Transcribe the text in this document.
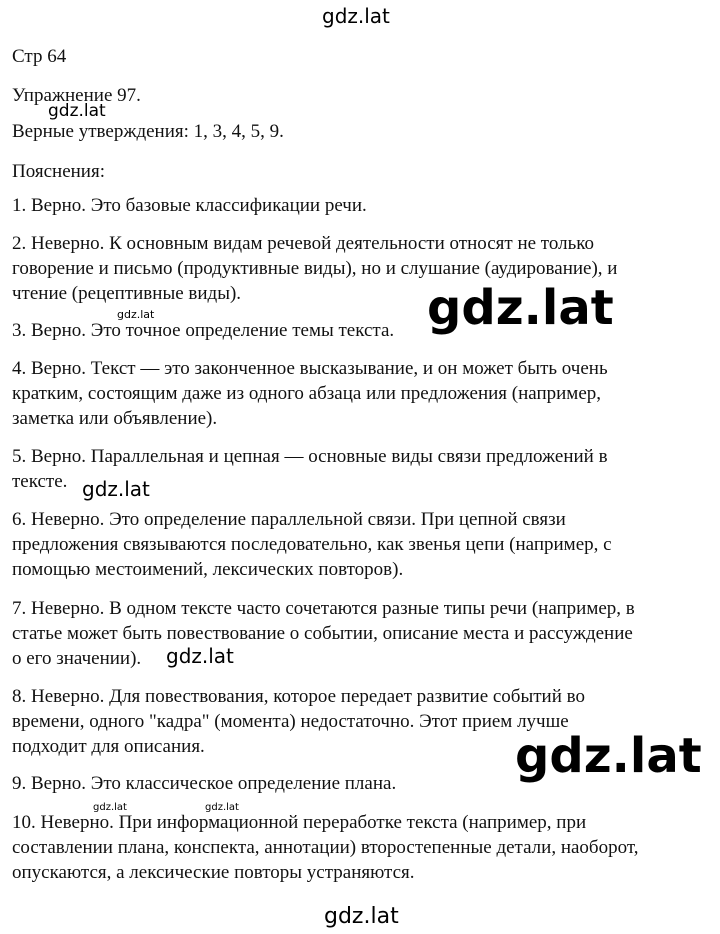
gdz.lat
Стр 64
Упражнение 97.
Верные утверждения: 1, 3, 4, 5, 9.
Пояснения:
1. Верно. Это базовые классификации речи.
2. Неверно. К основным видам речевой деятельности относят не только
говорение и письмо (продуктивные виды), но и слушание (аудирование), и
чтение (рецептивные виды).
3. Верно. Это точное определение темы текста.
4. Верно. Текст — это законченное высказывание, и он может быть очень
кратким, состоящим даже из одного абзаца или предложения (например,
заметка или объявление).
5. Верно. Параллельная и цепная — основные виды связи предложений в
тексте.
6. Неверно. Это определение параллельной связи. При цепной связи
предложения связываются последовательно, как звенья цепи (например, с
помощью местоимений, лексических повторов).
7. Неверно. В одном тексте часто сочетаются разные типы речи (например, в
статье может быть повествование о событии, описание места и рассуждение
о его значении).
8. Неверно. Для повествования, которое передает развитие событий во
времени, одного "кадра" (момента) недостаточно. Этот прием лучше
подходит для описания.
9. Верно. Это классическое определение плана.
10. Неверно. При информационной переработке текста (например, при
составлении плана, конспекта, аннотации) второстепенные детали, наоборот,
опускаются, а лексические повторы устраняются.
gdz.lat
gdz.lat	gdz.lat
gdz.lat
gdz.lat
gdz.lat
gdz.lat	gdz.lat
gdz.lat
